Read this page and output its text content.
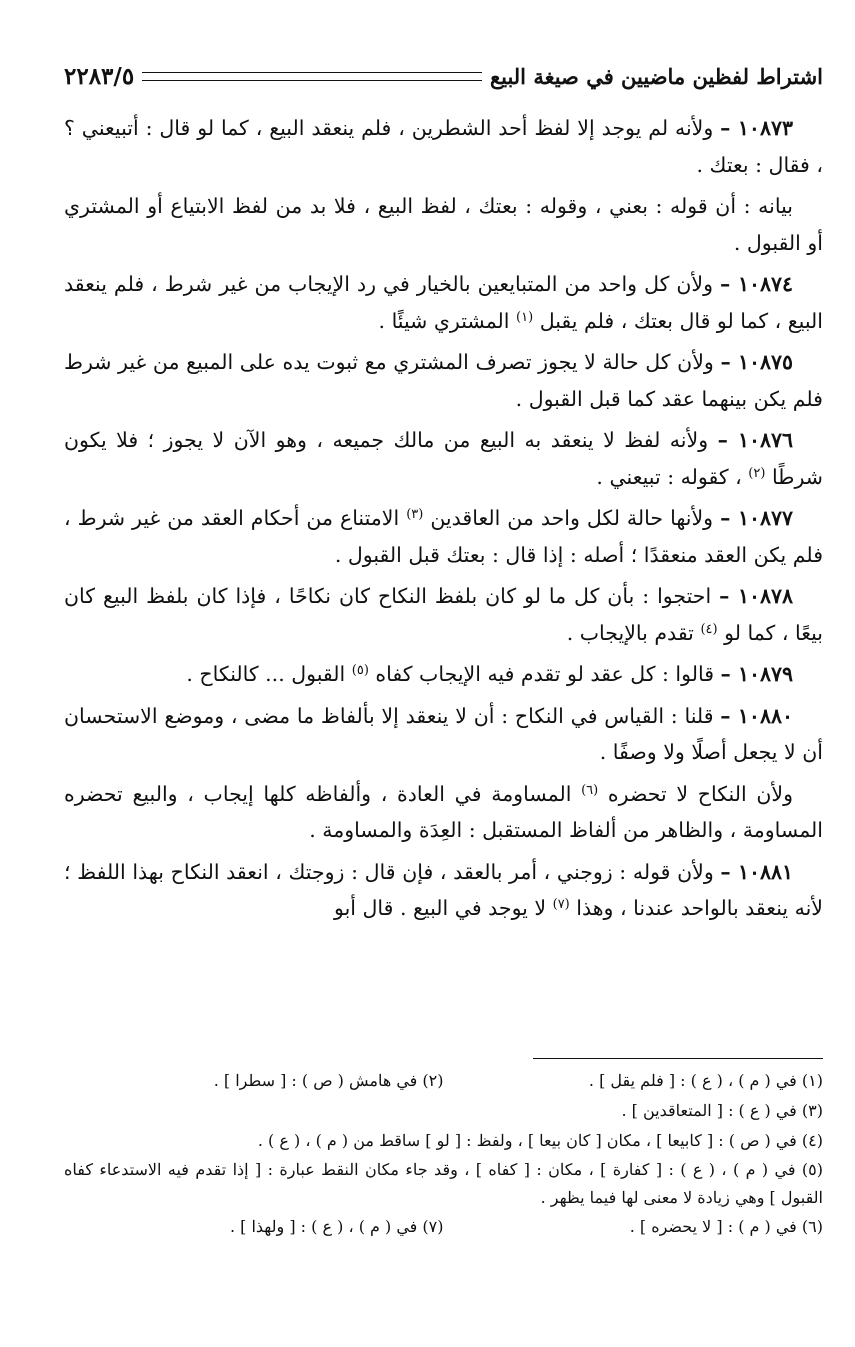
اشتراط لفظين ماضيين في صيغة البيع
٢٢٨٣/٥

١٠٨٧٣ – ولأنه لم يوجد إلا لفظ أحد الشطرين ، فلم ينعقد البيع ، كما لو قال : أتبيعني ؟ ، فقال : بعتك .

بيانه : أن قوله : بعني ، وقوله : بعتك ، لفظ البيع ، فلا بد من لفظ الابتياع أو المشتري أو القبول .

١٠٨٧٤ – ولأن كل واحد من المتبايعين بالخيار في رد الإيجاب من غير شرط ، فلم ينعقد البيع ، كما لو قال بعتك ، فلم يقبل $^{(١)}$ المشتري شيئًا .

١٠٨٧٥ – ولأن كل حالة لا يجوز تصرف المشتري مع ثبوت يده على المبيع من غير شرط فلم يكن بينهما عقد كما قبل القبول .

١٠٨٧٦ – ولأنه لفظ لا ينعقد به البيع من مالك جميعه ، وهو الآن لا يجوز ؛ فلا يكون شرطًا $^{(٢)}$ ، كقوله : تبيعني .

١٠٨٧٧ – ولأنها حالة لكل واحد من العاقدين $^{(٣)}$ الامتناع من أحكام العقد من غير شرط ، فلم يكن العقد منعقدًا ؛ أصله : إذا قال : بعتك قبل القبول .

١٠٨٧٨ – احتجوا : بأن كل ما لو كان بلفظ النكاح كان نكاحًا ، فإذا كان بلفظ البيع كان بيعًا ، كما لو $^{(٤)}$ تقدم بالإيجاب .

١٠٨٧٩ – قالوا : كل عقد لو تقدم فيه الإيجاب كفاه $^{(٥)}$ القبول ... كالنكاح .

١٠٨٨٠ – قلنا : القياس في النكاح : أن لا ينعقد إلا بألفاظ ما مضى ، وموضع الاستحسان أن لا يجعل أصلًا ولا وصفًا .

ولأن النكاح لا تحضره $^{(٦)}$ المساومة في العادة ، وألفاظه كلها إيجاب ، والبيع تحضره المساومة ، والظاهر من ألفاظ المستقبل : العِدَة والمساومة .

١٠٨٨١ – ولأن قوله : زوجني ، أمر بالعقد ، فإن قال : زوجتك ، انعقد النكاح بهذا اللفظ ؛ لأنه ينعقد بالواحد عندنا ، وهذا $^{(٧)}$ لا يوجد في البيع . قال أبو

(١) في ( م ) ، ( ع ) : [ فلم يقل ] .
(٢) في هامش ( ص ) : [ سطرا ] .
(٣) في ( ع ) : [ المتعاقدين ] .
(٤) في ( ص ) : [ كابيعا ] ، مكان [ كان بيعا ] ، ولفظ : [ لو ] ساقط من ( م ) ، ( ع ) .
(٥) في ( م ) ، ( ع ) : [ كفارة ] ، مكان : [ كفاه ] ، وقد جاء مكان النقط عبارة : [ إذا تقدم فيه الاستدعاء كفاه القبول ] وهي زيادة لا معنى لها فيما يظهر .
(٦) في ( م ) : [ لا يحضره ] .
(٧) في ( م ) ، ( ع ) : [ ولهذا ] .
